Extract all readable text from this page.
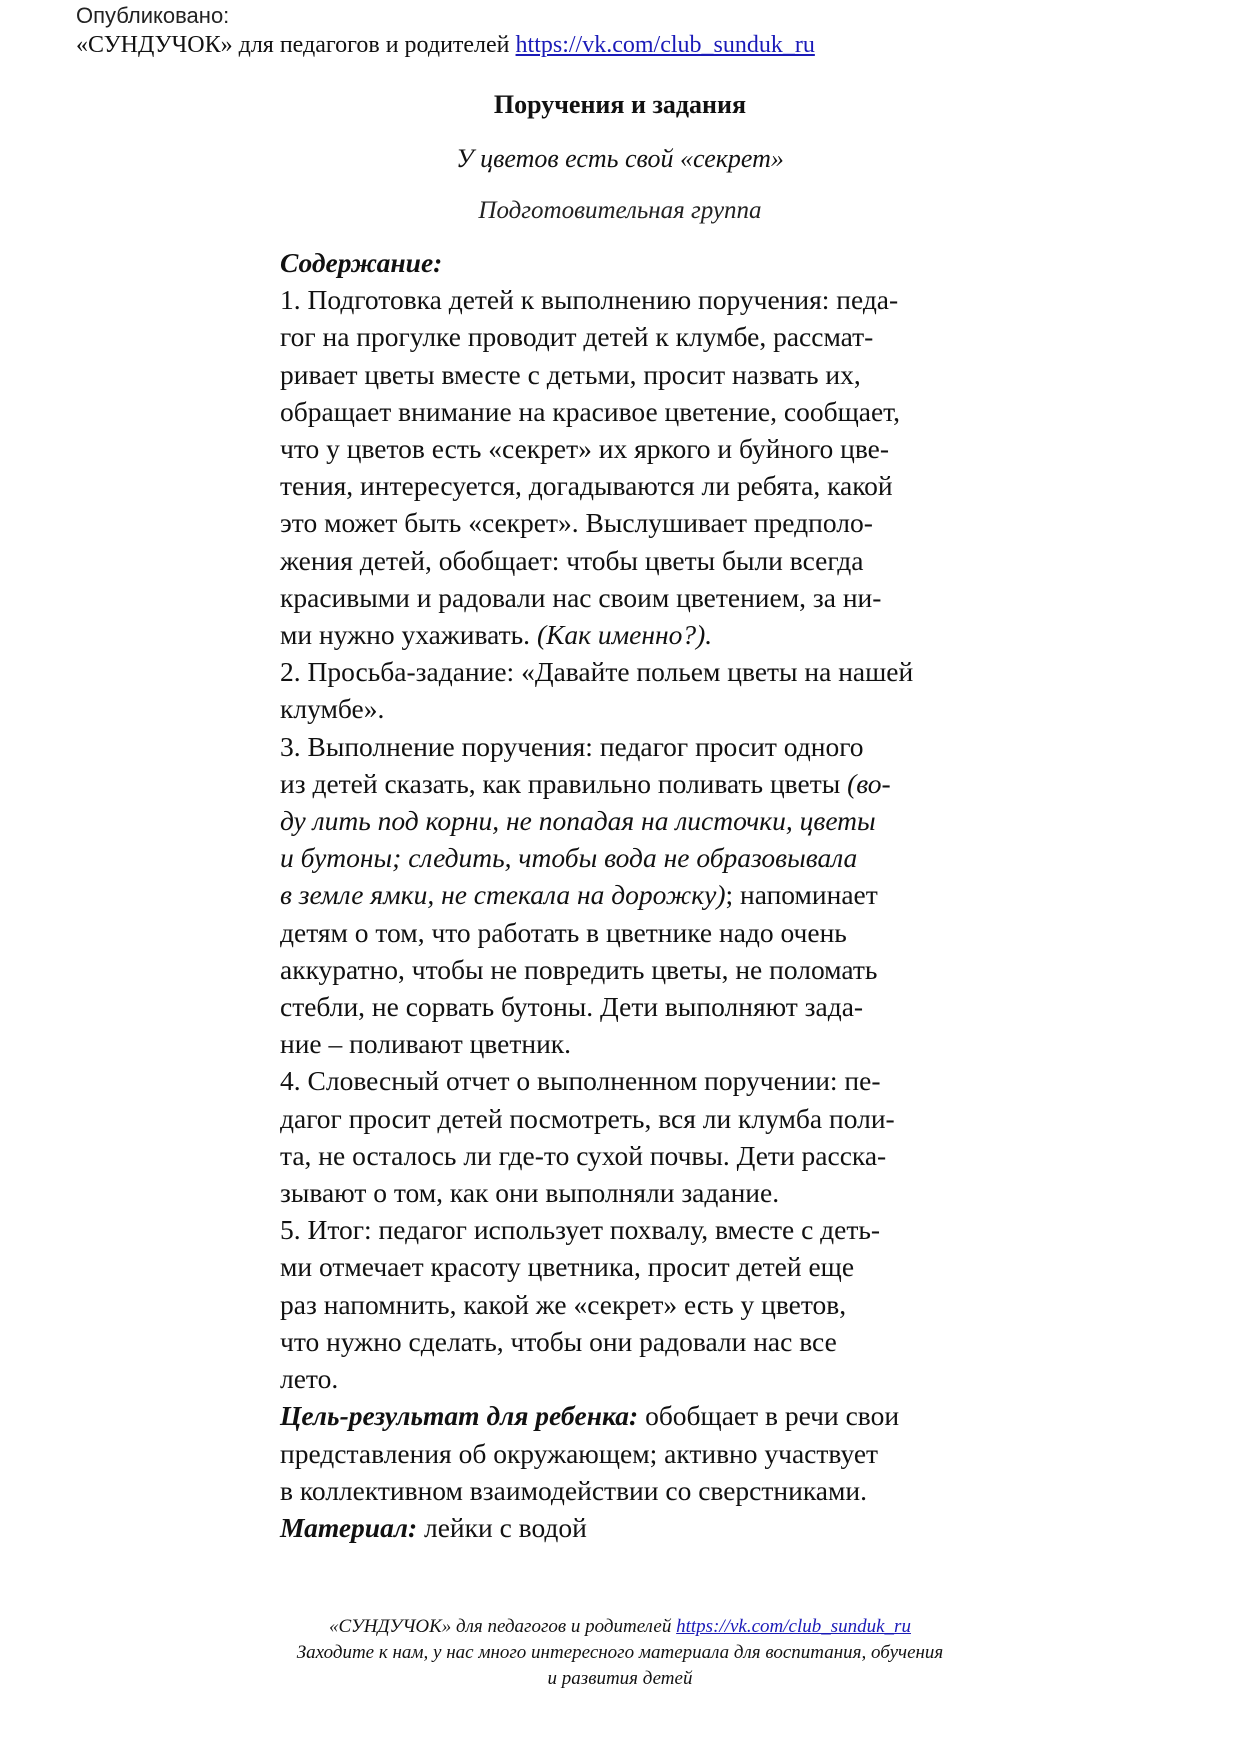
Опубликовано:
«СУНДУЧОК» для педагогов и родителей https://vk.com/club_sunduk_ru
Поручения и задания
У цветов есть свой «секрет»
Подготовительная группа
Содержание:
1. Подготовка детей к выполнению поручения: педа-
гог на прогулке проводит детей к клумбе, рассмат-
ривает цветы вместе с детьми, просит назвать их,
обращает внимание на красивое цветение, сообщает,
что у цветов есть «секрет» их яркого и буйного цве-
тения, интересуется, догадываются ли ребята, какой
это может быть «секрет». Выслушивает предполо-
жения детей, обобщает: чтобы цветы были всегда
красивыми и радовали нас своим цветением, за ни-
ми нужно ухаживать. (Как именно?).
2. Просьба-задание: «Давайте польем цветы на нашей
клумбе».
3. Выполнение поручения: педагог просит одного
из детей сказать, как правильно поливать цветы (во-
ду лить под корни, не попадая на листочки, цветы
и бутоны; следить, чтобы вода не образовывала
в земле ямки, не стекала на дорожку); напоминает
детям о том, что работать в цветнике надо очень
аккуратно, чтобы не повредить цветы, не поломать
стебли, не сорвать бутоны. Дети выполняют зада-
ние – поливают цветник.
4. Словесный отчет о выполненном поручении: пе-
дагог просит детей посмотреть, вся ли клумба поли-
та, не осталось ли где-то сухой почвы. Дети расска-
зывают о том, как они выполняли задание.
5. Итог: педагог использует похвалу, вместе с деть-
ми отмечает красоту цветника, просит детей еще
раз напомнить, какой же «секрет» есть у цветов,
что нужно сделать, чтобы они радовали нас все
лето.
Цель-результат для ребенка: обобщает в речи свои
представления об окружающем; активно участвует
в коллективном взаимодействии со сверстниками.
Материал: лейки с водой
«СУНДУЧОК» для педагогов и родителей https://vk.com/club_sunduk_ru
Заходите к нам, у нас много интересного материала для воспитания, обучения
и развития детей
